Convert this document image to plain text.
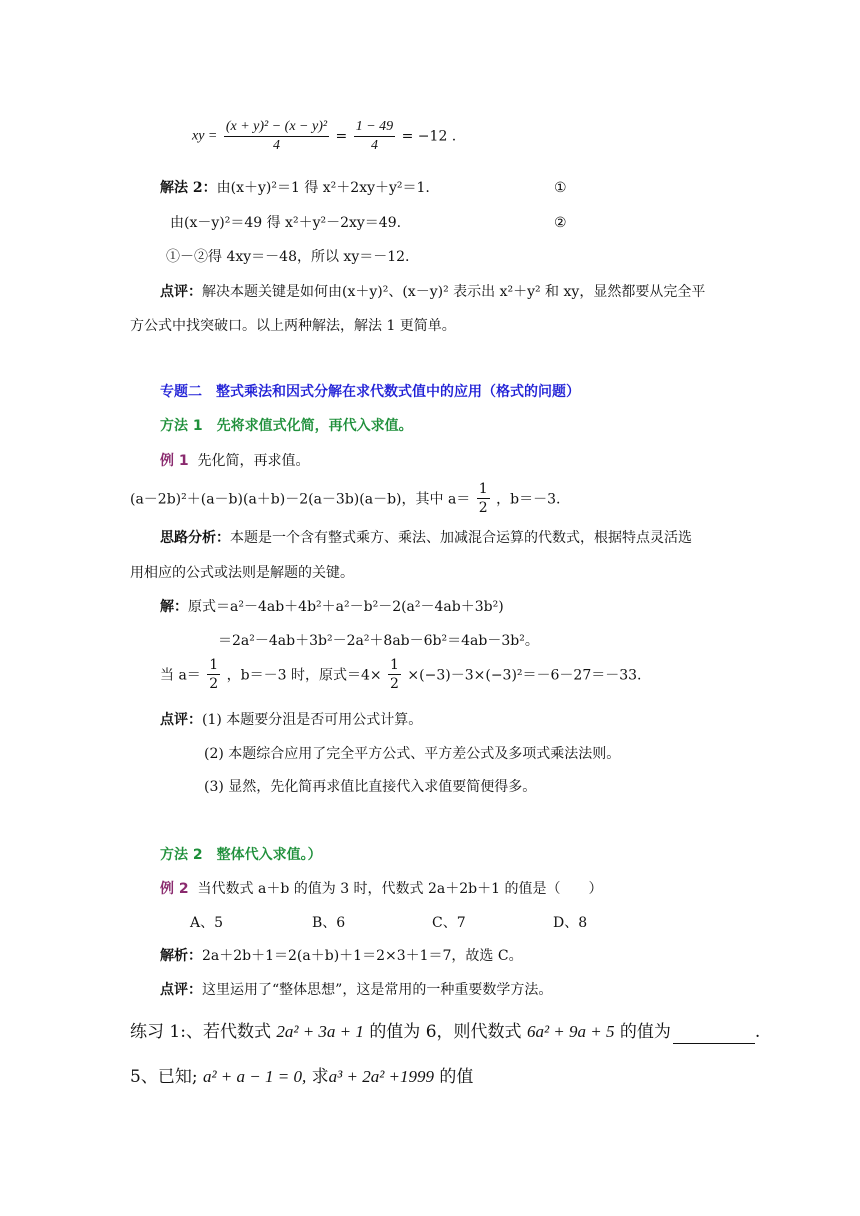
xy = $\frac{\text{(x + y)² − (x − y)²}}{4} = \frac{1 - 49}{4} = -12$ .
解法 2：由(x＋y)²＝1 得 x²＋2xy＋y²＝1.	①
由(x－y)²＝49 得 x²＋y²－2xy＝49.	②
①－②得 4xy＝－48，所以 xy＝－12.
点评：解决本题关键是如何由(x＋y)²、(x－y)² 表示出 x²＋y² 和 xy，显然都要从完全平
方公式中找突破口。以上两种解法，解法 1 更简单。
专题二　整式乘法和因式分解在求代数式值中的应用（格式的问题）
方法 1　先将求值式化简，再代入求值。
例 1 先化简，再求值。
(a－2b)²＋(a－b)(a＋b)－2(a－3b)(a－b)，其中 $a= \frac{1}{2}$ ，b＝－3.
思路分析：本题是一个含有整式乘方、乘法、加减混合运算的代数式，根据特点灵活选
用相应的公式或法则是解题的关键。
解：原式＝a²－4ab＋4b²＋a²－b²－2(a²－4ab＋3b²)
＝2a²－4ab＋3b²－2a²＋8ab－6b²＝4ab－3b²。
当 $a= \frac{1}{2}$ ，b＝－3 时，原式$=4\times \frac{1}{2} \times(-3)-3\times(-3)^2=-6-27=-33$.
点评：(1) 本题要分沮是否可用公式计算。
(2) 本题综合应用了完全平方公式、平方差公式及多项式乘法法则。
(3) 显然，先化简再求值比直接代入求值要简便得多。
方法 2　整体代入求值。）
例 2 当代数式 a＋b 的值为 3 时，代数式 2a＋2b＋1 的值是（　　）
A、5	B、6	C、7	D、8
解析：2a＋2b＋1＝2(a＋b)＋1＝2×3＋1＝7，故选 C。
点评：这里运用了“整体思想”，这是常用的一种重要数学方法。
练习 1:、若代数式 2a² + 3a + 1 的值为 6，则代数式 6a² + 9a + 5 的值为	.
5、已知; a² + a − 1 = 0, 求a³ + 2a² +1999 的值
